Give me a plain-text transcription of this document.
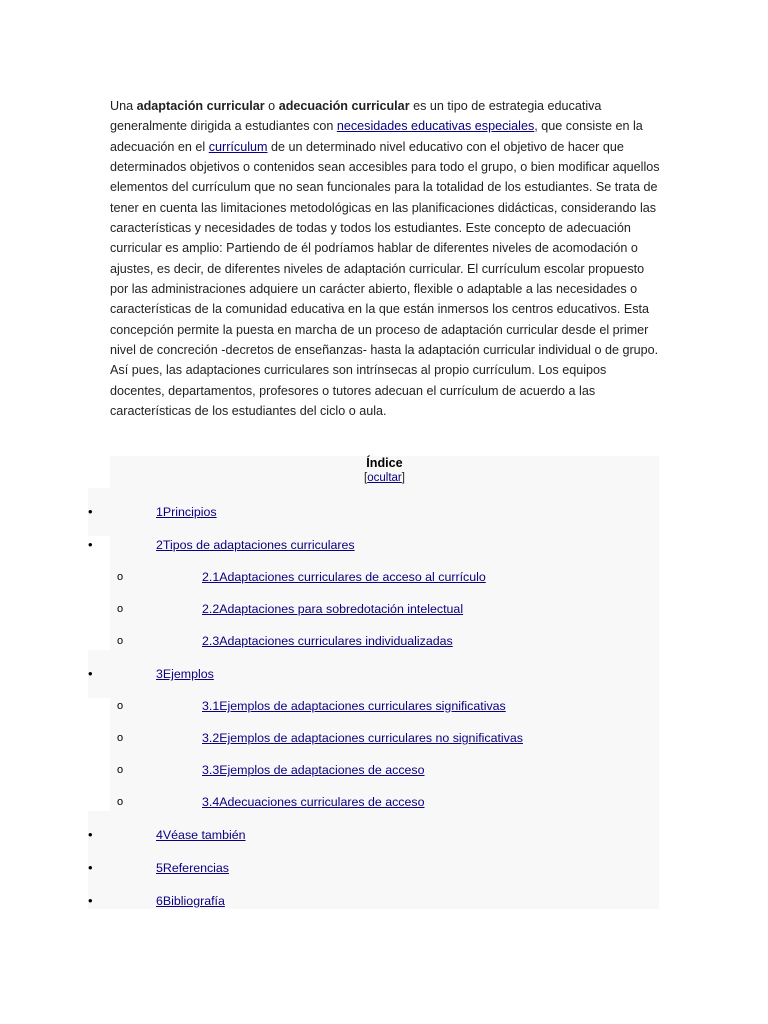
Una adaptación curricular o adecuación curricular es un tipo de estrategia educativa generalmente dirigida a estudiantes con necesidades educativas especiales, que consiste en la adecuación en el currículum de un determinado nivel educativo con el objetivo de hacer que determinados objetivos o contenidos sean accesibles para todo el grupo, o bien modificar aquellos elementos del currículum que no sean funcionales para la totalidad de los estudiantes. Se trata de tener en cuenta las limitaciones metodológicas en las planificaciones didácticas, considerando las características y necesidades de todas y todos los estudiantes. Este concepto de adecuación curricular es amplio: Partiendo de él podríamos hablar de diferentes niveles de acomodación o ajustes, es decir, de diferentes niveles de adaptación curricular. El currículum escolar propuesto por las administraciones adquiere un carácter abierto, flexible o adaptable a las necesidades o características de la comunidad educativa en la que están inmersos los centros educativos. Esta concepción permite la puesta en marcha de un proceso de adaptación curricular desde el primer nivel de concreción -decretos de enseñanzas- hasta la adaptación curricular individual o de grupo. Así pues, las adaptaciones curriculares son intrínsecas al propio currículum. Los equipos docentes, departamentos, profesores o tutores adecuan el currículum de acuerdo a las características de los estudiantes del ciclo o aula.

Índice
[ocultar]
•
•
o
o
o
•
o
o
o
o
•
•
•
1Principios
2Tipos de adaptaciones curriculares
2.1Adaptaciones curriculares de acceso al currículo
2.2Adaptaciones para sobredotación intelectual
2.3Adaptaciones curriculares individualizadas
3Ejemplos
3.1Ejemplos de adaptaciones curriculares significativas
3.2Ejemplos de adaptaciones curriculares no significativas
3.3Ejemplos de adaptaciones de acceso
3.4Adecuaciones curriculares de acceso
4Véase también
5Referencias
6Bibliografía
